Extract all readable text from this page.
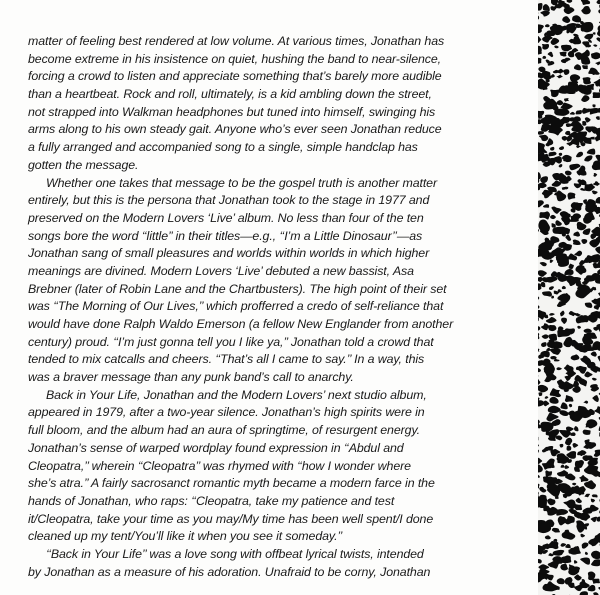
matter of feeling best rendered at low volume. At various times, Jonathan has
become extreme in his insistence on quiet, hushing the band to near-silence,
forcing a crowd to listen and appreciate something that’s barely more audible
than a heartbeat. Rock and roll, ultimately, is a kid ambling down the street,
not strapped into Walkman headphones but tuned into himself, swinging his
arms along to his own steady gait. Anyone who’s ever seen Jonathan reduce
a fully arranged and accompanied song to a single, simple handclap has
gotten the message.
Whether one takes that message to be the gospel truth is another matter
entirely, but this is the persona that Jonathan took to the stage in 1977 and
preserved on the Modern Lovers ‘Live’ album. No less than four of the ten
songs bore the word ‘‘little’’ in their titles—e.g., ‘‘I’m a Little Dinosaur’’—as
Jonathan sang of small pleasures and worlds within worlds in which higher
meanings are divined. Modern Lovers ‘Live’ debuted a new bassist, Asa
Brebner (later of Robin Lane and the Chartbusters). The high point of their set
was ‘‘The Morning of Our Lives,’’ which profferred a credo of self-reliance that
would have done Ralph Waldo Emerson (a fellow New Englander from another
century) proud. ‘‘I’m just gonna tell you I like ya,’’ Jonathan told a crowd that
tended to mix catcalls and cheers. ‘‘That’s all I came to say.’’ In a way, this
was a braver message than any punk band’s call to anarchy.
Back in Your Life, Jonathan and the Modern Lovers’ next studio album,
appeared in 1979, after a two-year silence. Jonathan’s high spirits were in
full bloom, and the album had an aura of springtime, of resurgent energy.
Jonathan’s sense of warped wordplay found expression in ‘‘Abdul and
Cleopatra,’’ wherein ‘‘Cleopatra’’ was rhymed with ‘‘how I wonder where
she’s atra.’’ A fairly sacrosanct romantic myth became a modern farce in the
hands of Jonathan, who raps: ‘‘Cleopatra, take my patience and test
it/Cleopatra, take your time as you may/My time has been well spent/I done
cleaned up my tent/You’ll like it when you see it someday.’’
‘‘Back in Your Life’’ was a love song with offbeat lyrical twists, intended
by Jonathan as a measure of his adoration. Unafraid to be corny, Jonathan
